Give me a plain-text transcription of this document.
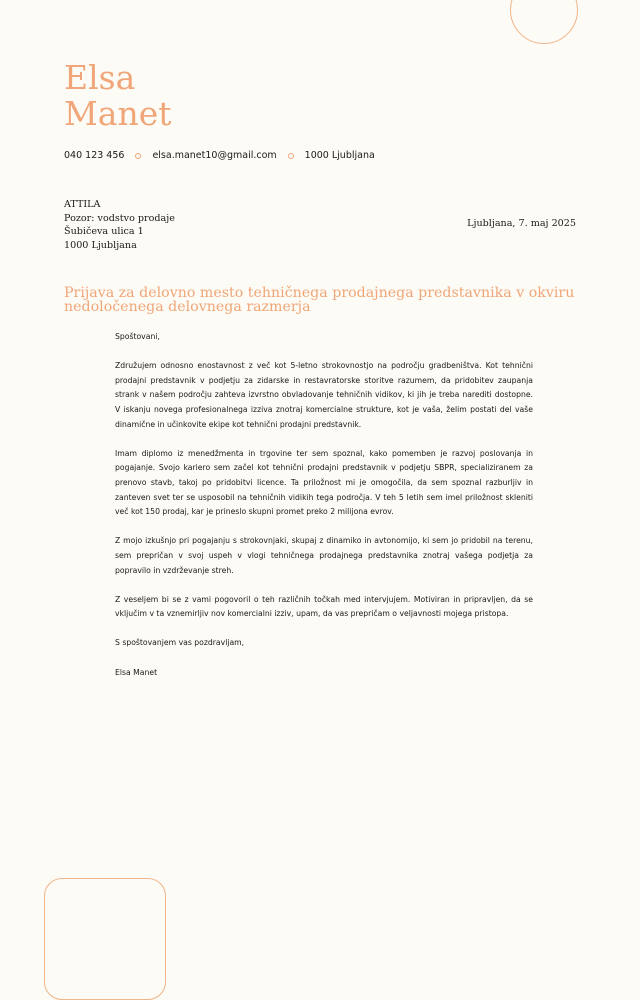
Elsa
Manet
040 123 456	elsa.manet10@gmail.com	1000 Ljubljana
ATTILA
Pozor: vodstvo prodaje
Šubičeva ulica 1
1000 Ljubljana
Ljubljana, 7. maj 2025
Prijava za delovno mesto tehničnega prodajnega predstavnika v okviru nedoločenega delovnega razmerja

Spoštovani,

Združujem odnosno enostavnost z več kot 5-letno strokovnostjo na področju gradbeništva. Kot tehnični prodajni predstavnik v podjetju za zidarske in restavratorske storitve razumem, da pridobitev zaupanja strank v našem področju zahteva izvrstno obvladovanje tehničnih vidikov, ki jih je treba narediti dostopne. V iskanju novega profesionalnega izziva znotraj komercialne strukture, kot je vaša, želim postati del vaše dinamične in učinkovite ekipe kot tehnični prodajni predstavnik.

Imam diplomo iz menedžmenta in trgovine ter sem spoznal, kako pomemben je razvoj poslovanja in pogajanje. Svojo kariero sem začel kot tehnični prodajni predstavnik v podjetju SBPR, specializiranem za prenovo stavb, takoj po pridobitvi licence. Ta priložnost mi je omogočila, da sem spoznal razburljiv in zanteven svet ter se usposobil na tehničnih vidikih tega področja. V teh 5 letih sem imel priložnost skleniti več kot 150 prodaj, kar je prineslo skupni promet preko 2 milijona evrov.

Z mojo izkušnjo pri pogajanju s strokovnjaki, skupaj z dinamiko in avtonomijo, ki sem jo pridobil na terenu, sem prepričan v svoj uspeh v vlogi tehničnega prodajnega predstavnika znotraj vašega podjetja za popravilo in vzdrževanje streh.

Z veseljem bi se z vami pogovoril o teh različnih točkah med intervjujem. Motiviran in pripravljen, da se vključim v ta vznemirljiv nov komercialni izziv, upam, da vas prepričam o veljavnosti mojega pristopa.

S spoštovanjem vas pozdravljam,

Elsa Manet
